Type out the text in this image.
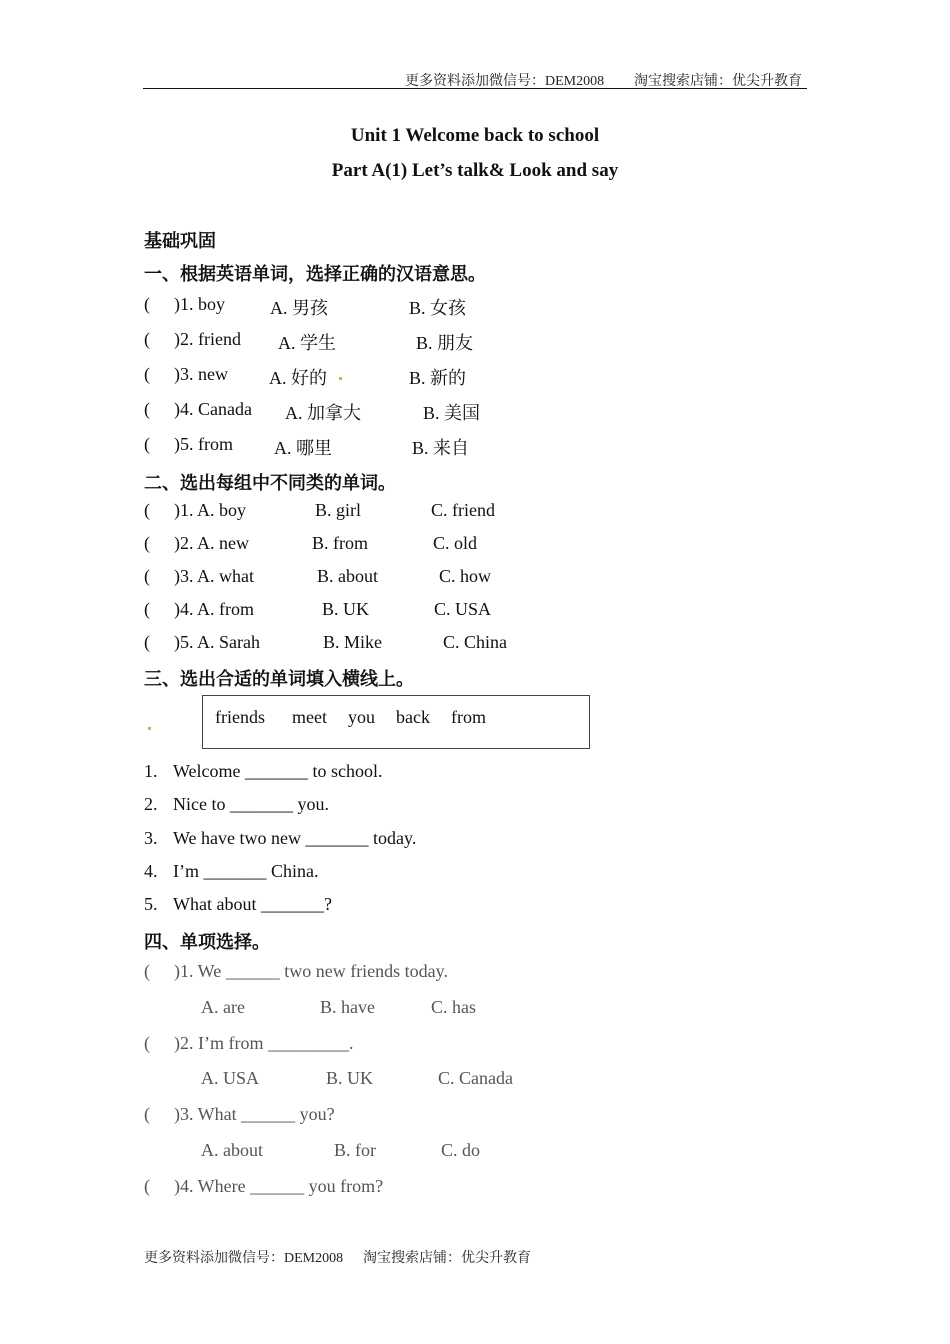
更多资料添加微信号：DEM2008 淘宝搜索店铺：优尖升教育
Unit 1 Welcome back to school
Part A(1) Let’s talk& Look and say
基础巩固
一、根据英语单词，选择正确的汉语意思。
( )1. boy	A. 男孩	B. 女孩
( )2. friend A. 学生	B. 朋友
( )3. new A. 好的	B. 新的
( )4. Canada A. 加拿大	B. 美国
( )5. from A. 哪里	B. 来自
二、选出每组中不同类的单词。
( )1. A. boy	B. girl	C. friend
( )2. A. new	B. from	C. old
( )3. A. what	B. about	C. how
( )4. A. from	B. UK	C. USA
( )5. A. Sarah	B. Mike	C. China
三、选出合适的单词填入横线上。
friends meet you back from
1. Welcome _______ to school.
2. Nice to _______ you.
3. We have two new _______ today.
4. I’m _______ China.
5. What about _______?
四、单项选择。
( )1. We ______ two new friends today.
A. are	B. have	C. has
( )2. I’m from _________.
A. USA	B. UK	C. Canada
( )3. What ______ you?
A. about	B. for	C. do
( )4. Where ______ you from?
更多资料添加微信号：DEM2008 淘宝搜索店铺：优尖升教育
